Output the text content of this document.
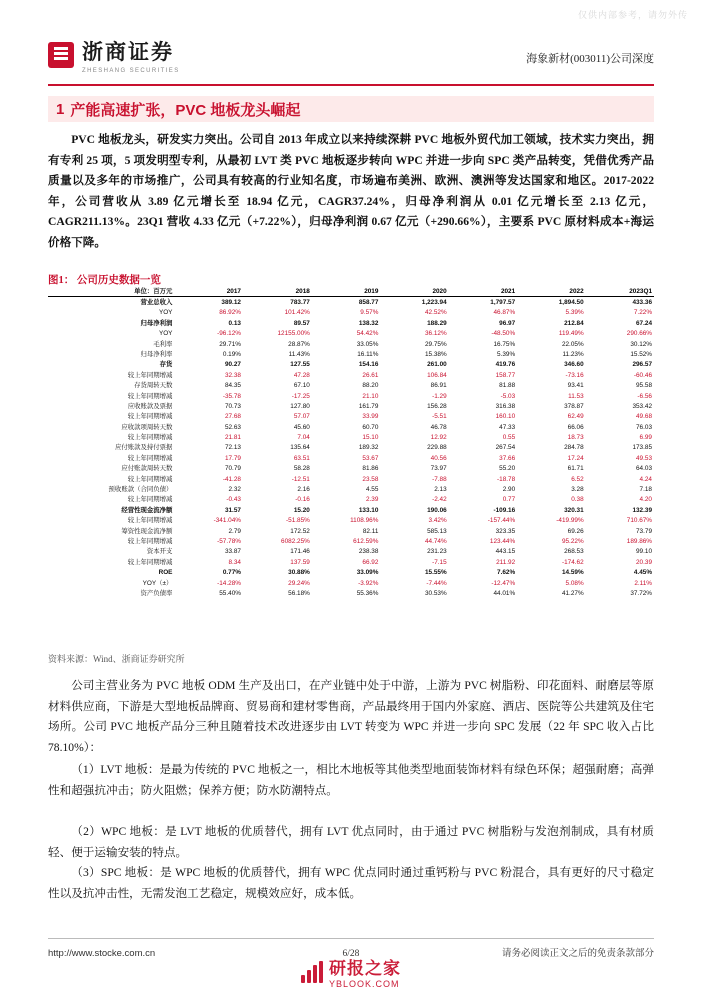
仅供内部参考，请勿外传
浙商证券
ZHESHANG SECURITIES
海象新材(003011)公司深度
1 产能高速扩张，PVC 地板龙头崛起
PVC 地板龙头，研发实力突出。公司自 2013 年成立以来持续深耕 PVC 地板外贸代加工领域，技术实力突出，拥有专利 25 项，5 项发明型专利，从最初 LVT 类 PVC 地板逐步转向 WPC 并进一步向 SPC 类产品转变，凭借优秀产品质量以及多年的市场推广，公司具有较高的行业知名度，市场遍布美洲、欧洲、澳洲等发达国家和地区。2017-2022 年，公司营收从 3.89 亿元增长至 18.94 亿元，CAGR37.24%，归母净利润从 0.01 亿元增长至 2.13 亿元，CAGR211.13%。23Q1 营收 4.33 亿元（+7.22%），归母净利润 0.67 亿元（+290.66%），主要系 PVC 原材料成本+海运价格下降。
图1： 公司历史数据一览
单位：百万元	2017	2018	2019	2020	2021	2022	2023Q1
营业总收入	389.12	783.77	858.77	1,223.94	1,797.57	1,894.50	433.36
YOY	86.92%	101.42%	9.57%	42.52%	46.87%	5.39%	7.22%
归母净利润	0.13	89.57	138.32	188.29	96.97	212.84	67.24
YOY	-96.12%	12155.00%	54.42%	36.12%	-48.50%	119.49%	290.66%
毛利率	29.71%	28.87%	33.05%	29.75%	16.75%	22.05%	30.12%
归母净利率	0.19%	11.43%	16.11%	15.38%	5.39%	11.23%	15.52%
存货	90.27	127.55	154.16	261.00	419.76	346.60	296.57
较上年同期增减	32.38	47.28	26.61	106.84	158.77	-73.16	-60.46
存货周转天数	84.35	67.10	88.20	86.91	81.88	93.41	95.58
较上年同期增减	-35.78	-17.25	21.10	-1.29	-5.03	11.53	-6.56
应收账款及票据	70.73	127.80	161.79	156.28	316.38	378.87	353.42
较上年同期增减	27.68	57.07	33.99	-5.51	160.10	62.49	49.68
应收款项周转天数	52.63	45.60	60.70	46.78	47.33	66.06	76.03
较上年同期增减	21.81	7.04	15.10	12.92	0.55	18.73	6.99
应付账款及持付票据	72.13	135.64	189.32	229.88	267.54	284.78	173.85
较上年同期增减	17.79	63.51	53.67	40.56	37.66	17.24	49.53
应付账款周转天数	70.79	58.28	81.86	73.97	55.20	61.71	64.03
较上年同期增减	-41.28	-12.51	23.58	-7.88	-18.78	6.52	4.24
预收账款（合同负债）	2.32	2.16	4.55	2.13	2.90	3.28	7.18
较上年同期增减	-0.43	-0.16	2.39	-2.42	0.77	0.38	4.20
经营性现金流净额	31.57	15.20	133.10	190.06	-109.16	320.31	132.39
较上年同期增减	-341.04%	-51.85%	1108.96%	3.42%	-157.44%	-419.99%	710.67%
筹资性现金流净额	2.79	172.52	82.11	585.13	323.35	69.26	73.79
较上年同期增减	-57.78%	6082.25%	612.59%	44.74%	123.44%	95.22%	189.86%
资本开支	33.87	171.46	238.38	231.23	443.15	268.53	99.10
较上年同期增减	8.34	137.59	66.92	-7.15	211.92	-174.62	20.39
ROE	0.77%	30.88%	33.09%	15.55%	7.62%	14.59%	4.45%
YOY（±）	-14.28%	29.24%	-3.92%	-7.44%	-12.47%	5.08%	2.11%
资产负债率	55.40%	56.18%	55.36%	30.53%	44.01%	41.27%	37.72%
资料来源：Wind、浙商证券研究所
公司主营业务为 PVC 地板 ODM 生产及出口，在产业链中处于中游，上游为 PVC 树脂粉、印花面料、耐磨层等原材料供应商，下游是大型地板品牌商、贸易商和建材零售商，产品最终用于国内外家庭、酒店、医院等公共建筑及住宅场所。公司 PVC 地板产品分三种且随着技术改进逐步由 LVT 转变为 WPC 并进一步向 SPC 发展（22 年 SPC 收入占比 78.10%）：
（1）LVT 地板：是最为传统的 PVC 地板之一，相比木地板等其他类型地面装饰材料有绿色环保；超强耐磨；高弹性和超强抗冲击；防火阻燃；保养方便；防水防潮特点。
（2）WPC 地板：是 LVT 地板的优质替代，拥有 LVT 优点同时，由于通过 PVC 树脂粉与发泡剂制成，具有材质轻、便于运输安装的特点。
（3）SPC 地板：是 WPC 地板的优质替代，拥有 WPC 优点同时通过重钙粉与 PVC 粉混合，具有更好的尺寸稳定性以及抗冲击性，无需发泡工艺稳定，规模效应好，成本低。
http://www.stocke.com.cn	6/28	请务必阅读正文之后的免责条款部分
研报之家
YBLOOK.COM
